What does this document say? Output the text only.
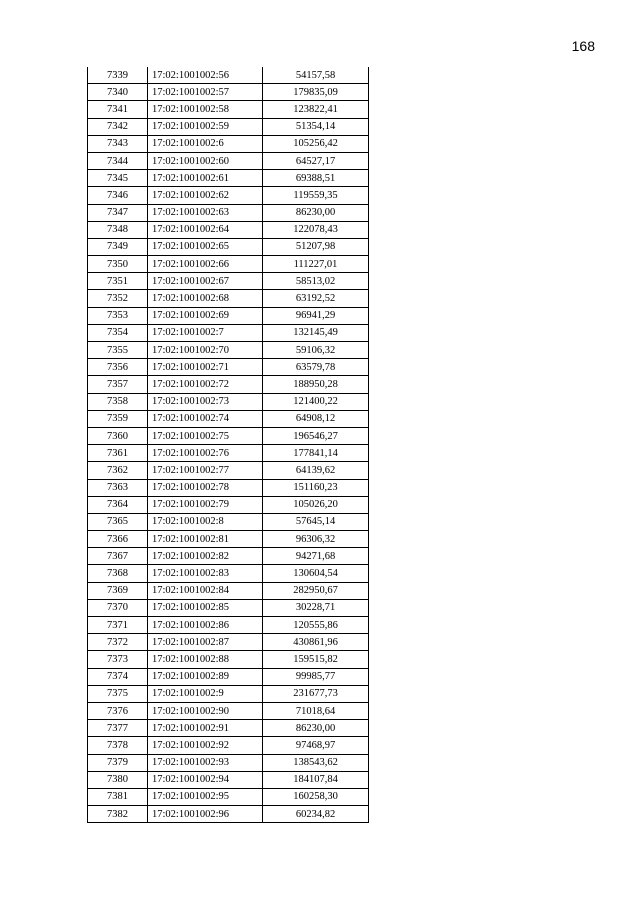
168
7339	17:02:1001002:56	54157,58
7340	17:02:1001002:57	179835,09
7341	17:02:1001002:58	123822,41
7342	17:02:1001002:59	51354,14
7343	17:02:1001002:6	105256,42
7344	17:02:1001002:60	64527,17
7345	17:02:1001002:61	69388,51
7346	17:02:1001002:62	119559,35
7347	17:02:1001002:63	86230,00
7348	17:02:1001002:64	122078,43
7349	17:02:1001002:65	51207,98
7350	17:02:1001002:66	111227,01
7351	17:02:1001002:67	58513,02
7352	17:02:1001002:68	63192,52
7353	17:02:1001002:69	96941,29
7354	17:02:1001002:7	132145,49
7355	17:02:1001002:70	59106,32
7356	17:02:1001002:71	63579,78
7357	17:02:1001002:72	188950,28
7358	17:02:1001002:73	121400,22
7359	17:02:1001002:74	64908,12
7360	17:02:1001002:75	196546,27
7361	17:02:1001002:76	177841,14
7362	17:02:1001002:77	64139,62
7363	17:02:1001002:78	151160,23
7364	17:02:1001002:79	105026,20
7365	17:02:1001002:8	57645,14
7366	17:02:1001002:81	96306,32
7367	17:02:1001002:82	94271,68
7368	17:02:1001002:83	130604,54
7369	17:02:1001002:84	282950,67
7370	17:02:1001002:85	30228,71
7371	17:02:1001002:86	120555,86
7372	17:02:1001002:87	430861,96
7373	17:02:1001002:88	159515,82
7374	17:02:1001002:89	99985,77
7375	17:02:1001002:9	231677,73
7376	17:02:1001002:90	71018,64
7377	17:02:1001002:91	86230,00
7378	17:02:1001002:92	97468,97
7379	17:02:1001002:93	138543,62
7380	17:02:1001002:94	184107,84
7381	17:02:1001002:95	160258,30
7382	17:02:1001002:96	60234,82
